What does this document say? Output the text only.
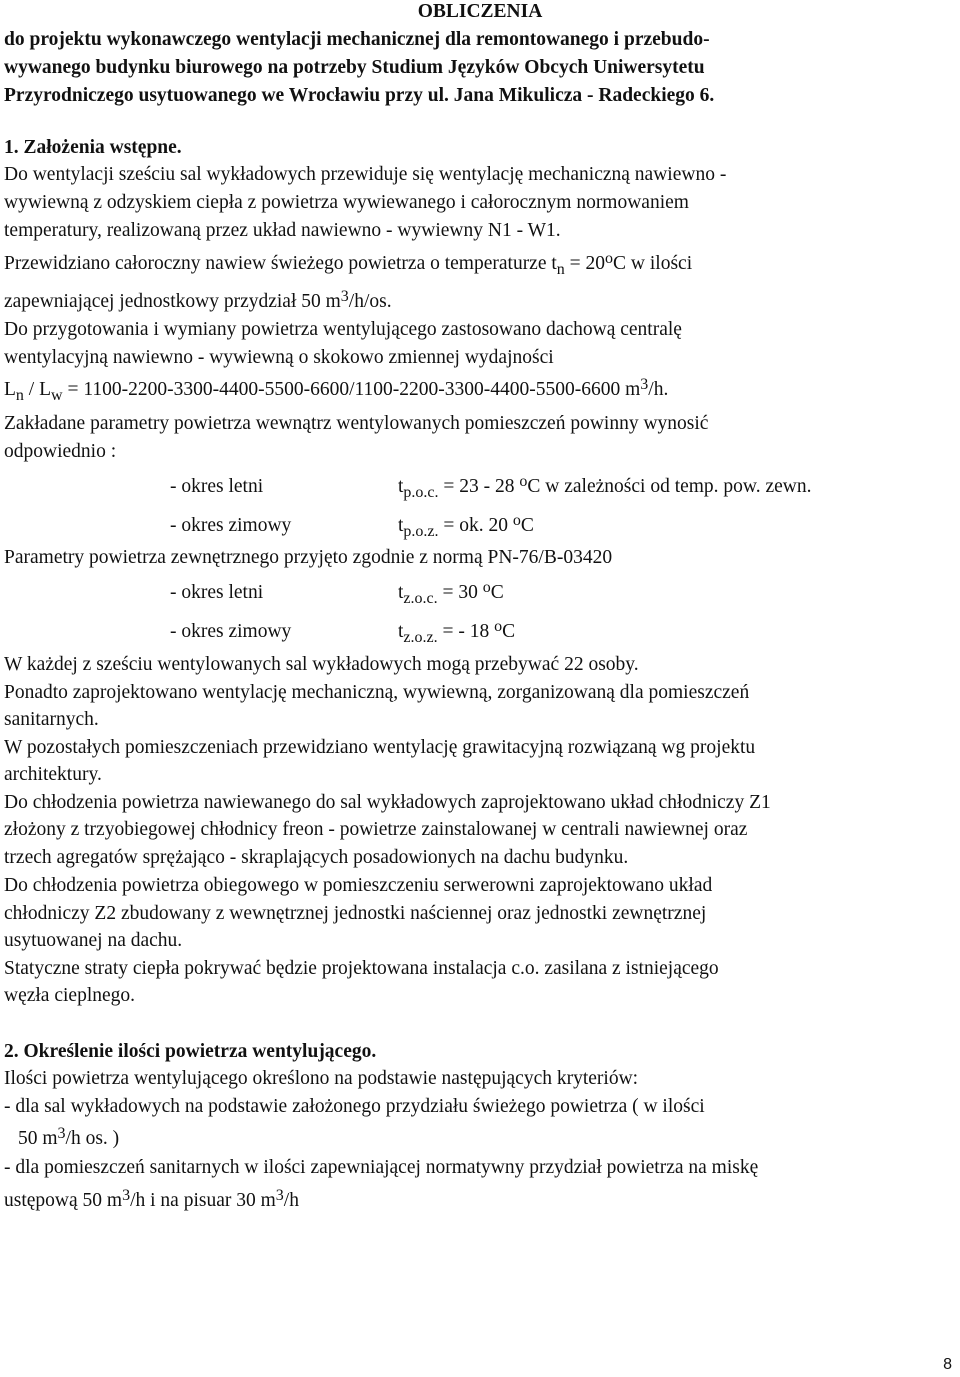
OBLICZENIA
do projektu wykonawczego wentylacji mechanicznej dla remontowanego i przebudo-
wywanego budynku biurowego na potrzeby Studium Języków Obcych Uniwersytetu
Przyrodniczego usytuowanego we Wrocławiu przy ul. Jana Mikulicza - Radeckiego 6.
1. Założenia wstępne.
Do wentylacji sześciu sal wykładowych przewiduje się wentylację mechaniczną nawiewno -
wywiewną z odzyskiem ciepła z powietrza wywiewanego i całorocznym normowaniem
temperatury, realizowaną przez układ nawiewno - wywiewny N1 - W1.
Przewidziano całoroczny nawiew świeżego powietrza o temperaturze $t_n = 20^oC$ w ilości
zapewniającej jednostkowy przydział 50 $m^3/h/os$.
Do przygotowania i wymiany powietrza wentylującego zastosowano dachową centralę
wentylacyjną nawiewno - wywiewną o skokowo zmiennej wydajności
$L_n / L_w = 1100-2200-3300-4400-5500-6600/1100-2200-3300-4400-5500-6600$ $m^3/h$.
Zakładane parametry powietrza wewnątrz wentylowanych pomieszczeń powinny wynosić
odpowiednio :
- okres letni	$t_{p.o.c.} = 23 - 28$ $^o$C w zależności od temp. pow. zewn.
- okres zimowy	$t_{p.o.z.}$ = ok. 20 $^o$C
Parametry powietrza zewnętrznego przyjęto zgodnie z normą PN-76/B-03420
- okres letni	$t_{z.o.c.} = 30$ $^o$C
- okres zimowy	$t_{z.o.z.}$ = - 18 $^o$C
W każdej z sześciu wentylowanych sal wykładowych mogą przebywać 22 osoby.
Ponadto zaprojektowano wentylację mechaniczną, wywiewną, zorganizowaną dla pomieszczeń
sanitarnych.
W pozostałych pomieszczeniach przewidziano wentylację grawitacyjną rozwiązaną wg projektu
architektury.
Do chłodzenia powietrza nawiewanego do sal wykładowych zaprojektowano układ chłodniczy Z1
złożony z trzyobiegowej chłodnicy freon - powietrze zainstalowanej w centrali nawiewnej oraz
trzech agregatów sprężająco - skraplających posadowionych na dachu budynku.
Do chłodzenia powietrza obiegowego w pomieszczeniu serwerowni zaprojektowano układ
chłodniczy Z2 zbudowany z wewnętrznej jednostki naściennej oraz jednostki zewnętrznej
usytuowanej na dachu.
Statyczne straty ciepła pokrywać będzie projektowana instalacja c.o. zasilana z istniejącego
węzła cieplnego.
2. Określenie ilości powietrza wentylującego.
Ilości powietrza wentylującego określono na podstawie następujących kryteriów:
- dla sal wykładowych na podstawie założonego przydziału świeżego powietrza ( w ilości
50 $m^3/h$ os. )
- dla pomieszczeń sanitarnych w ilości zapewniającej normatywny przydział powietrza na miskę
ustępową 50 $m^3/h$ i na pisuar 30 $m^3/h$
8
